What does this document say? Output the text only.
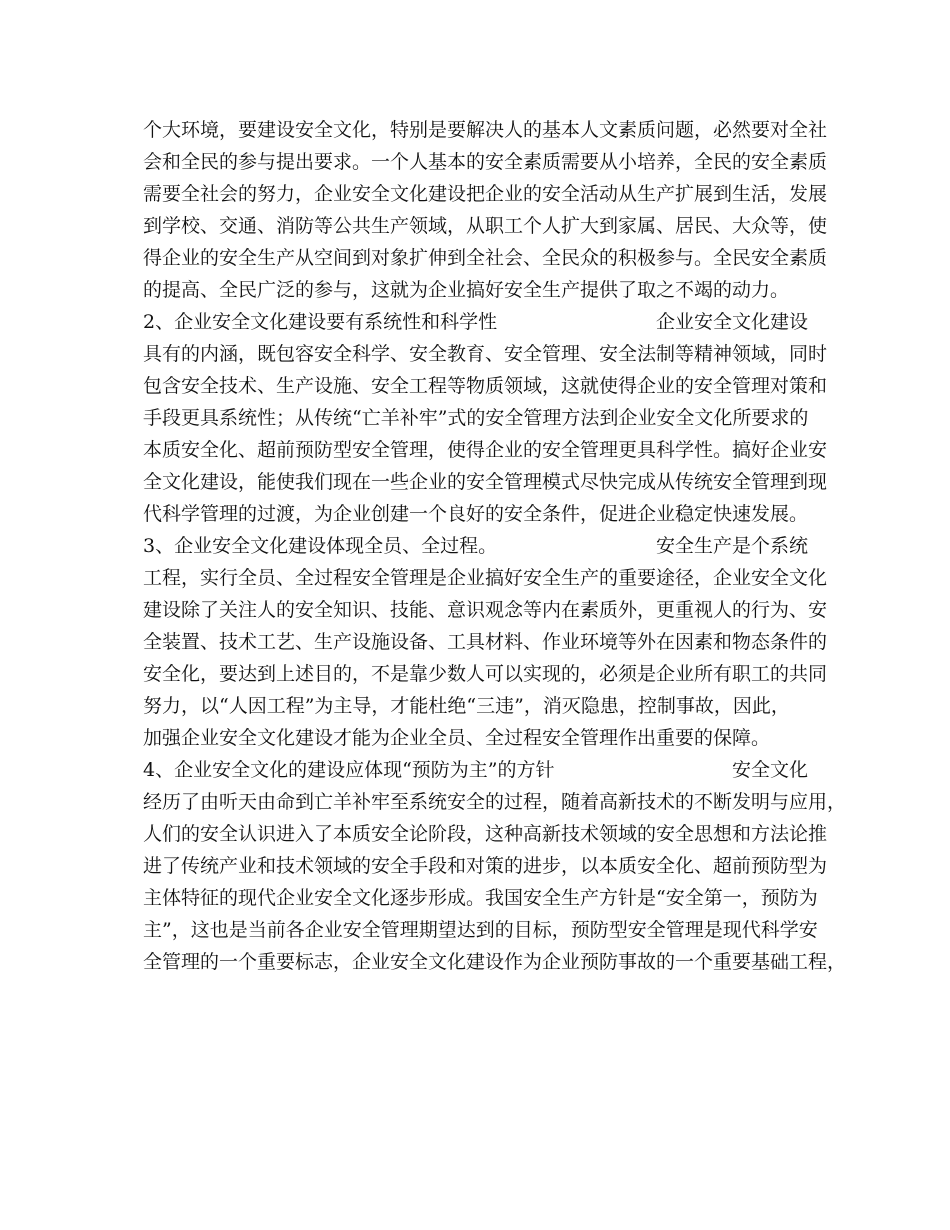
个大环境，要建设安全文化，特别是要解决人的基本人文素质问题，必然要对全社
会和全民的参与提出要求。一个人基本的安全素质需要从小培养，全民的安全素质
需要全社会的努力，企业安全文化建设把企业的安全活动从生产扩展到生活，发展
到学校、交通、消防等公共生产领域，从职工个人扩大到家属、居民、大众等，使
得企业的安全生产从空间到对象扩伸到全社会、全民众的积极参与。全民安全素质
的提高、全民广泛的参与，这就为企业搞好安全生产提供了取之不竭的动力。
2、企业安全文化建设要有系统性和科学性	企业安全文化建设
具有的内涵，既包容安全科学、安全教育、安全管理、安全法制等精神领域，同时
包含安全技术、生产设施、安全工程等物质领域，这就使得企业的安全管理对策和
手段更具系统性；从传统“亡羊补牢”式的安全管理方法到企业安全文化所要求的
本质安全化、超前预防型安全管理，使得企业的安全管理更具科学性。搞好企业安
全文化建设，能使我们现在一些企业的安全管理模式尽快完成从传统安全管理到现
代科学管理的过渡，为企业创建一个良好的安全条件，促进企业稳定快速发展。
3、企业安全文化建设体现全员、全过程。	安全生产是个系统
工程，实行全员、全过程安全管理是企业搞好安全生产的重要途径，企业安全文化
建设除了关注人的安全知识、技能、意识观念等内在素质外，更重视人的行为、安
全装置、技术工艺、生产设施设备、工具材料、作业环境等外在因素和物态条件的
安全化，要达到上述目的，不是靠少数人可以实现的，必须是企业所有职工的共同
努力，以“人因工程”为主导，才能杜绝“三违”，消灭隐患，控制事故，因此，
加强企业安全文化建设才能为企业全员、全过程安全管理作出重要的保障。
4、企业安全文化的建设应体现“预防为主”的方针	安全文化
经历了由听天由命到亡羊补牢至系统安全的过程，随着高新技术的不断发明与应用，
人们的安全认识进入了本质安全论阶段，这种高新技术领域的安全思想和方法论推
进了传统产业和技术领域的安全手段和对策的进步，以本质安全化、超前预防型为
主体特征的现代企业安全文化逐步形成。我国安全生产方针是“安全第一，预防为
主”，这也是当前各企业安全管理期望达到的目标，预防型安全管理是现代科学安
全管理的一个重要标志，企业安全文化建设作为企业预防事故的一个重要基础工程，
